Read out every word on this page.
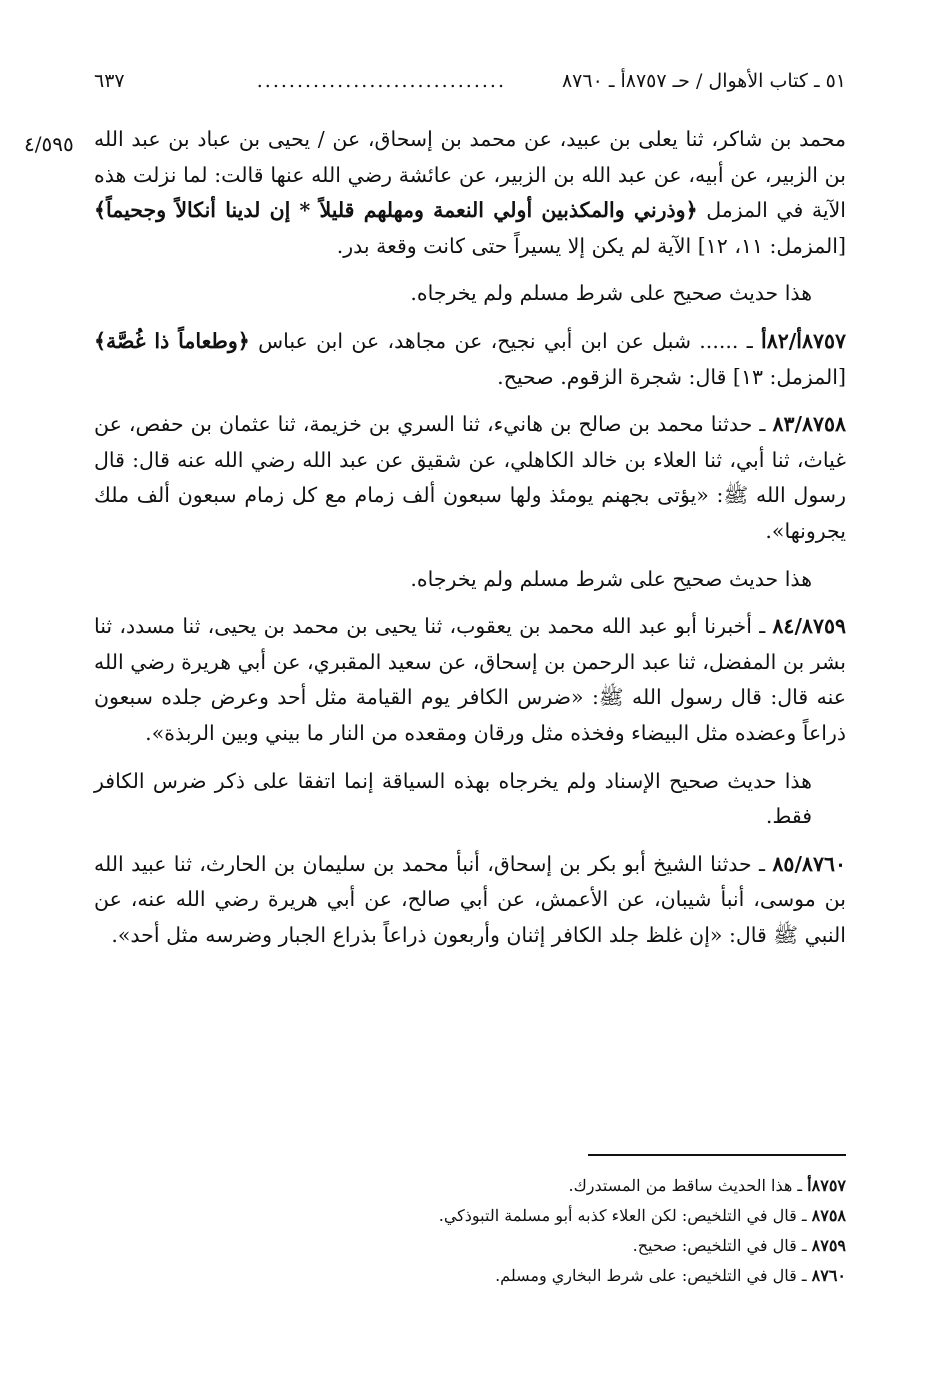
٥١ ـ كتاب الأهوال / حـ ٨٧٥٧أ ـ ٨٧٦٠
...............................
٦٣٧
٤/٥٩٥ محمد بن شاكر، ثنا يعلى بن عبيد، عن محمد بن إسحاق، عن / يحيى بن عباد بن عبد الله بن الزبير، عن أبيه، عن عبد الله بن الزبير، عن عائشة رضي الله عنها قالت: لما نزلت هذه الآية في المزمل ﴿وذرني والمكذبين أولي النعمة ومهلهم قليلاً * إن لدينا أنكالاً وجحيماً﴾ [المزمل: ١١، ١٢] الآية لم يكن إلا يسيراً حتى كانت وقعة بدر.

هذا حديث صحيح على شرط مسلم ولم يخرجاه.

٨٧٥٧أ/٨٢أ ـ ...... شبل عن ابن أبي نجيح، عن مجاهد، عن ابن عباس ﴿وطعاماً ذا غُصَّة﴾ [المزمل: ١٣] قال: شجرة الزقوم. صحيح.

٨٣/٨٧٥٨ ـ حدثنا محمد بن صالح بن هانيء، ثنا السري بن خزيمة، ثنا عثمان بن حفص، عن غياث، ثنا أبي، ثنا العلاء بن خالد الكاهلي، عن شقيق عن عبد الله رضي الله عنه قال: قال رسول الله ﷺ: «يؤتى بجهنم يومئذ ولها سبعون ألف زمام مع كل زمام سبعون ألف ملك يجرونها».

هذا حديث صحيح على شرط مسلم ولم يخرجاه.

٨٤/٨٧٥٩ ـ أخبرنا أبو عبد الله محمد بن يعقوب، ثنا يحيى بن محمد بن يحيى، ثنا مسدد، ثنا بشر بن المفضل، ثنا عبد الرحمن بن إسحاق، عن سعيد المقبري، عن أبي هريرة رضي الله عنه قال: قال رسول الله ﷺ: «ضرس الكافر يوم القيامة مثل أحد وعرض جلده سبعون ذراعاً وعضده مثل البيضاء وفخذه مثل ورقان ومقعده من النار ما بيني وبين الربذة».

هذا حديث صحيح الإسناد ولم يخرجاه بهذه السياقة إنما اتفقا على ذكر ضرس الكافر فقط.

٨٥/٨٧٦٠ ـ حدثنا الشيخ أبو بكر بن إسحاق، أنبأ محمد بن سليمان بن الحارث، ثنا عبيد الله بن موسى، أنبأ شيبان، عن الأعمش، عن أبي صالح، عن أبي هريرة رضي الله عنه، عن النبي ﷺ قال: «إن غلظ جلد الكافر إثنان وأربعون ذراعاً بذراع الجبار وضرسه مثل أحد».

٨٧٥٧أ ـ هذا الحديث ساقط من المستدرك.

٨٧٥٨ ـ قال في التلخيص: لكن العلاء كذبه أبو مسلمة التبوذكي.

٨٧٥٩ ـ قال في التلخيص: صحيح.

٨٧٦٠ ـ قال في التلخيص: على شرط البخاري ومسلم.
